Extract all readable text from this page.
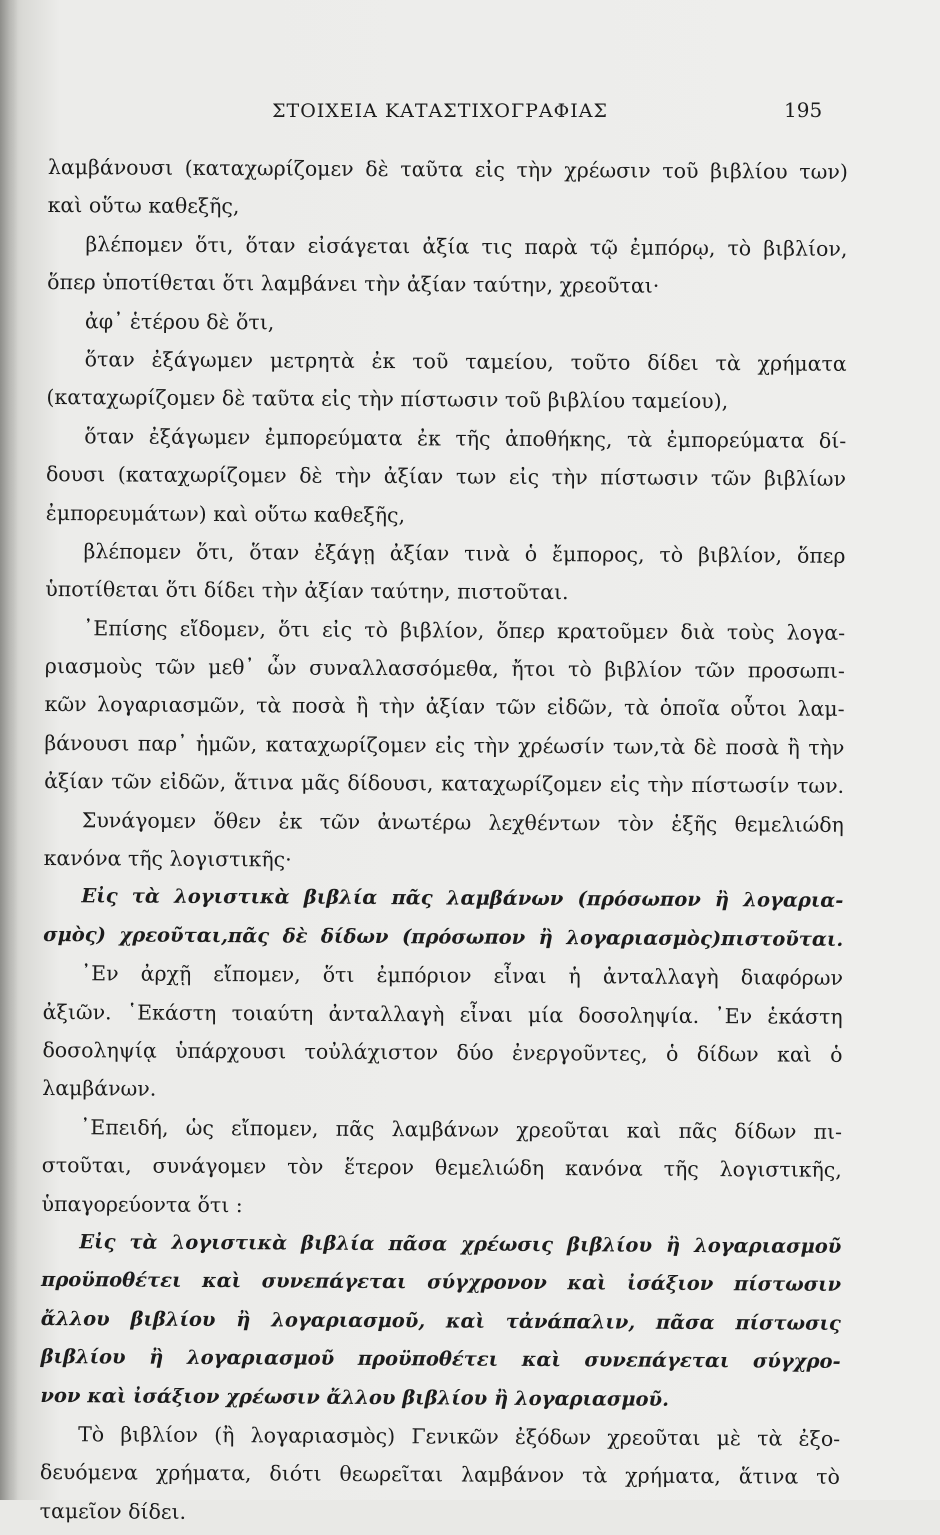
ΣΤΟΙΧΕΙΑ ΚΑΤΑΣΤΙΧΟΓΡΑΦΙΑΣ	195
λαμβάνουσι (καταχωρίζομεν δὲ ταῦτα εἰς τὴν χρέωσιν τοῦ βιβλίου των)
καὶ οὕτω καθεξῆς,
βλέπομεν ὅτι, ὅταν εἰσάγεται ἀξία τις παρὰ τῷ ἐμπόρῳ, τὸ βιβλίον,
ὅπερ ὑποτίθεται ὅτι λαμβάνει τὴν ἀξίαν ταύτην, χρεοῦται·
ἀφ᾽ ἑτέρου δὲ ὅτι,
ὅταν ἐξάγωμεν μετρητὰ ἐκ τοῦ ταμείου, τοῦτο δίδει τὰ χρήματα
(καταχωρίζομεν δὲ ταῦτα εἰς τὴν πίστωσιν τοῦ βιβλίου ταμείου),
ὅταν ἐξάγωμεν ἐμπορεύματα ἐκ τῆς ἀποθήκης, τὰ ἐμπορεύματα δί-
δουσι (καταχωρίζομεν δὲ τὴν ἀξίαν των εἰς τὴν πίστωσιν τῶν βιβλίων
ἐμπορευμάτων) καὶ οὕτω καθεξῆς,
βλέπομεν ὅτι, ὅταν ἐξάγῃ ἀξίαν τινὰ ὁ ἔμπορος, τὸ βιβλίον, ὅπερ
ὑποτίθεται ὅτι δίδει τὴν ἀξίαν ταύτην, πιστοῦται.
᾽Επίσης εἴδομεν, ὅτι εἰς τὸ βιβλίον, ὅπερ κρατοῦμεν διὰ τοὺς λογα-
ριασμοὺς τῶν μεθ᾽ ὧν συναλλασσόμεθα, ἤτοι τὸ βιβλίον τῶν προσωπι-
κῶν λογαριασμῶν, τὰ ποσὰ ἢ τὴν ἀξίαν τῶν εἰδῶν, τὰ ὁποῖα οὗτοι λαμ-
βάνουσι παρ᾽ ἡμῶν, καταχωρίζομεν εἰς τὴν χρέωσίν των,τὰ δὲ ποσὰ ἢ τὴν
ἀξίαν τῶν εἰδῶν, ἅτινα μᾶς δίδουσι, καταχωρίζομεν εἰς τὴν πίστωσίν των.
Συνάγομεν ὅθεν ἐκ τῶν ἀνωτέρω λεχθέντων τὸν ἑξῆς θεμελιώδη
κανόνα τῆς λογιστικῆς·
Εἰς τὰ λογιστικὰ βιβλία πᾶς λαμβάνων (πρόσωπον ἢ λογαρια-
σμὸς) χρεοῦται,πᾶς δὲ δίδων (πρόσωπον ἢ λογαριασμὸς)πιστοῦται.
᾽Εν ἀρχῇ εἴπομεν, ὅτι ἐμπόριον εἶναι ἡ ἀνταλλαγὴ διαφόρων
ἀξιῶν. ῾Εκάστη τοιαύτη ἀνταλλαγὴ εἶναι μία δοσοληψία. ᾽Εν ἑκάστη
δοσοληψίᾳ ὑπάρχουσι τοὐλάχιστον δύο ἐνεργοῦντες, ὁ δίδων καὶ ὁ
λαμβάνων.
᾽Επειδή, ὡς εἴπομεν, πᾶς λαμβάνων χρεοῦται καὶ πᾶς δίδων πι-
στοῦται, συνάγομεν τὸν ἕτερον θεμελιώδη κανόνα τῆς λογιστικῆς,
ὑπαγορεύοντα ὅτι :
Εἰς τὰ λογιστικὰ βιβλία πᾶσα χρέωσις βιβλίου ἢ λογαριασμοῦ
προϋποθέτει καὶ συνεπάγεται σύγχρονον καὶ ἰσάξιον πίστωσιν
ἄλλου βιβλίου ἢ λογαριασμοῦ, καὶ τἀνάπαλιν, πᾶσα πίστωσις
βιβλίου ἢ λογαριασμοῦ προϋποθέτει καὶ συνεπάγεται σύγχρο-
νον καὶ ἰσάξιον χρέωσιν ἄλλου βιβλίου ἢ λογαριασμοῦ.
Τὸ βιβλίον (ἢ λογαριασμὸς) Γενικῶν ἐξόδων χρεοῦται μὲ τὰ ἐξο-
δευόμενα χρήματα, διότι θεωρεῖται λαμβάνον τὰ χρήματα, ἅτινα τὸ
ταμεῖον δίδει.
